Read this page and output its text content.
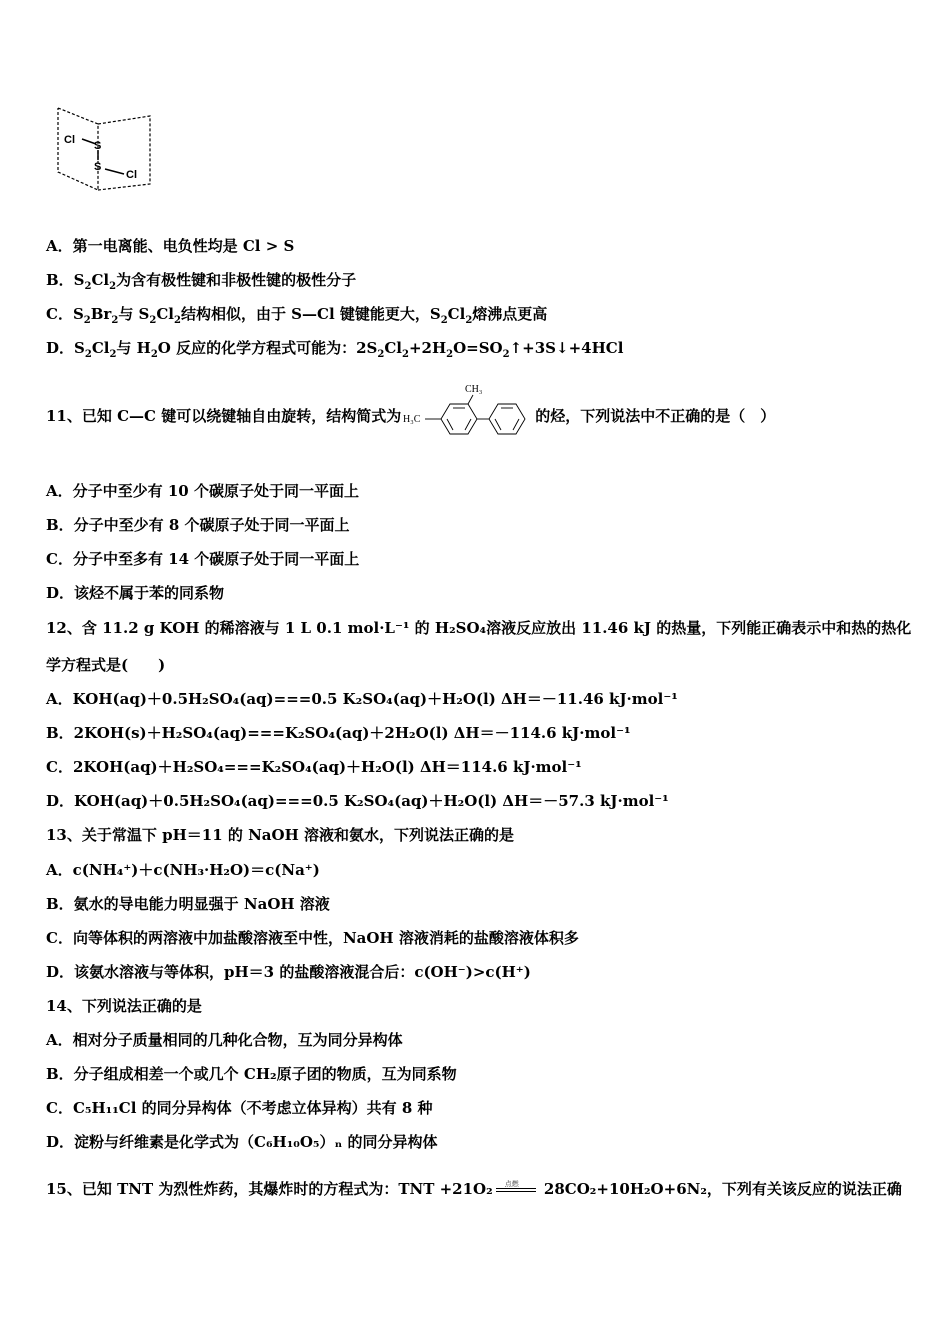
Cl S
S
Cl
A．第一电离能、电负性均是 Cl > S
B．$S_2Cl_2$为含有极性键和非极性键的极性分子
C．$S_2Br_2$与 $S_2Cl_2$结构相似，由于 S—Cl 键键能更大，$S_2Cl_2$熔沸点更高
D．$S_2Cl_2$与 $H_2O$ 反应的化学方程式可能为：$2S_2Cl_2+2H_2O=SO_2↑+3S↓+4HCl$
11、已知 C—C 键可以绕键轴自由旋转，结构简式为 H₃C
CH₃
的烃，下列说法中不正确的是（　）
A．分子中至少有 10 个碳原子处于同一平面上
B．分子中至少有 8 个碳原子处于同一平面上
C．分子中至多有 14 个碳原子处于同一平面上
D．该烃不属于苯的同系物
12、含 11.2 g KOH 的稀溶液与 1 L 0.1 mol·L⁻¹ 的 H₂SO₄溶液反应放出 11.46 kJ 的热量，下列能正确表示中和热的热化
学方程式是(　　)
A．KOH(aq)＋0.5H₂SO₄(aq)===0.5 K₂SO₄(aq)＋H₂O(l) ΔH＝－11.46 kJ·mol⁻¹
B．2KOH(s)＋H₂SO₄(aq)===K₂SO₄(aq)＋2H₂O(l) ΔH＝－114.6 kJ·mol⁻¹
C．2KOH(aq)＋H₂SO₄===K₂SO₄(aq)＋H₂O(l) ΔH＝114.6 kJ·mol⁻¹
D．KOH(aq)＋0.5H₂SO₄(aq)===0.5 K₂SO₄(aq)＋H₂O(l) ΔH＝－57.3 kJ·mol⁻¹
13、关于常温下 pH＝11 的 NaOH 溶液和氨水，下列说法正确的是
A．c(NH₄⁺)＋c(NH₃·H₂O)＝c(Na⁺)
B．氨水的导电能力明显强于 NaOH 溶液
C．向等体积的两溶液中加盐酸溶液至中性，NaOH 溶液消耗的盐酸溶液体积多
D．该氨水溶液与等体积，pH＝3 的盐酸溶液混合后：c(OH⁻)>c(H⁺)
14、下列说法正确的是
A．相对分子质量相同的几种化合物，互为同分异构体
B．分子组成相差一个或几个 CH₂原子团的物质，互为同系物
C．C₅H₁₁Cl 的同分异构体（不考虑立体异构）共有 8 种
D．淀粉与纤维素是化学式为（C₆H₁₀O₅）ₙ 的同分异构体
15、已知 TNT 为烈性炸药，其爆炸时的方程式为：TNT +21O₂ 点燃 28CO₂+10H₂O+6N₂，下列有关该反应的说法正确
